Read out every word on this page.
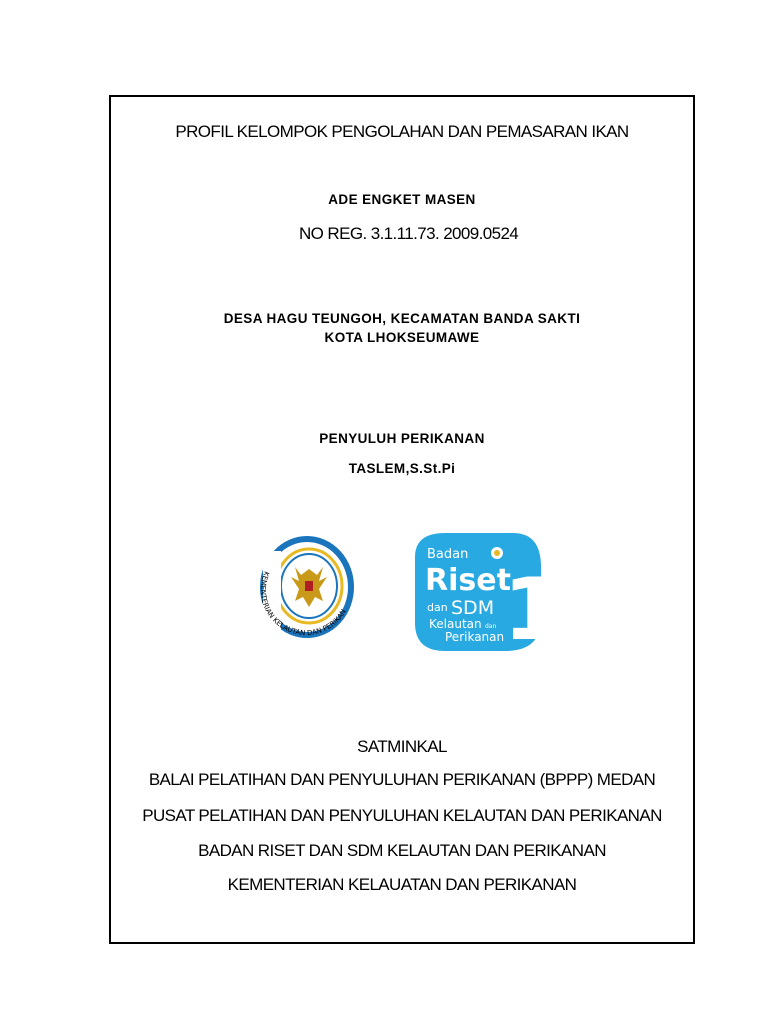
PROFIL KELOMPOK PENGOLAHAN DAN PEMASARAN IKAN
ADE ENGKET MASEN
NO REG. 3.1.11.73. 2009.0524
DESA HAGU TEUNGOH, KECAMATAN BANDA SAKTI
KOTA LHOKSEUMAWE
PENYULUH PERIKANAN
TASLEM,S.St.Pi
KEMENTERIAN KELAUTAN DAN PERIKAN
Badan
Riset
dan SDM
Kelautan dan
Perikanan
1
SATMINKAL
BALAI PELATIHAN DAN PENYULUHAN PERIKANAN (BPPP) MEDAN
PUSAT PELATIHAN DAN PENYULUHAN KELAUTAN DAN PERIKANAN
BADAN RISET DAN SDM KELAUTAN DAN PERIKANAN
KEMENTERIAN KELAUATAN DAN PERIKANAN
